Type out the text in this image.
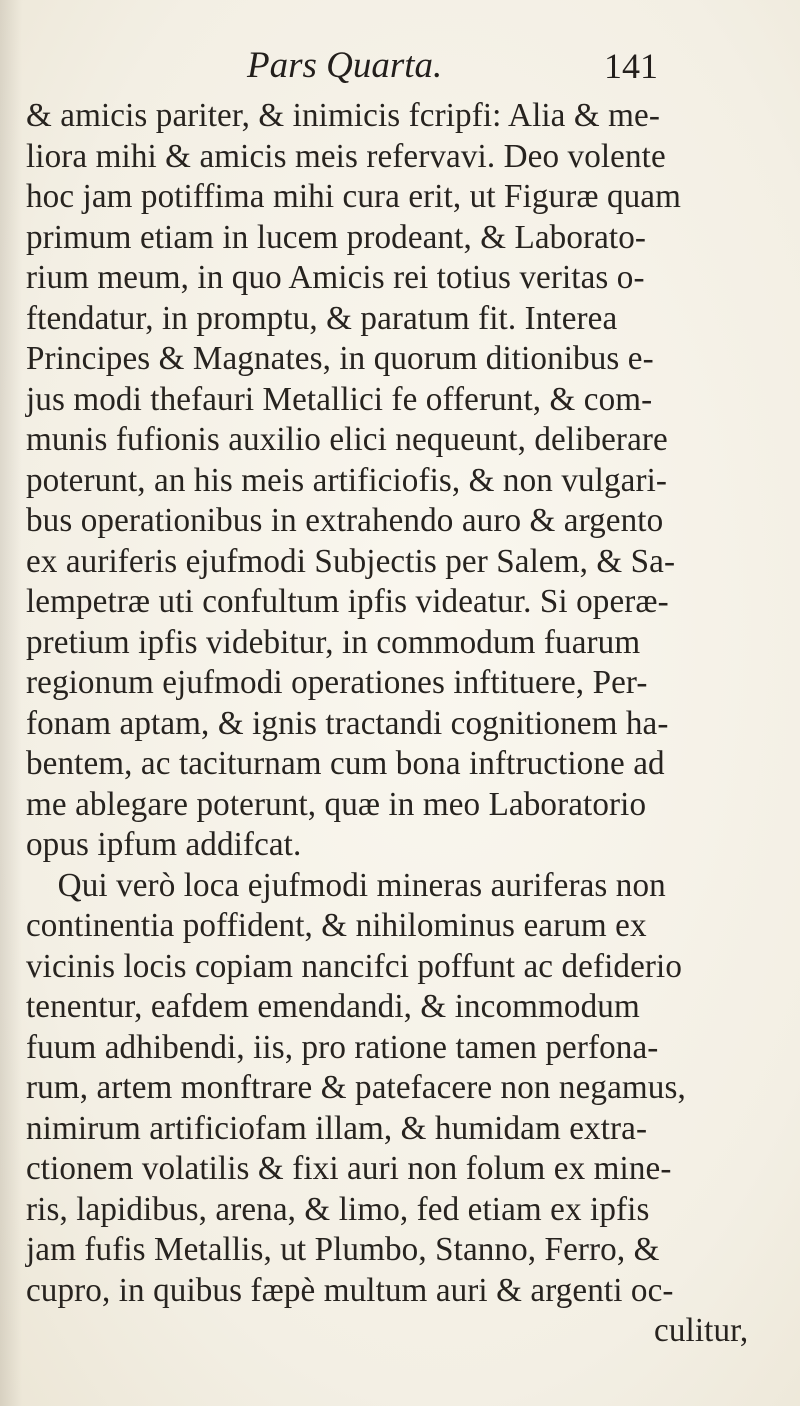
Pars Quarta.	141
& amicis pariter, & inimicis fcripfi: Alia & me-
liora mihi & amicis meis refervavi. Deo volente
hoc jam potiffima mihi cura erit, ut Figuræ quam
primum etiam in lucem prodeant, & Laborato-
rium meum, in quo Amicis rei totius veritas o-
ftendatur, in promptu, & paratum fit. Interea
Principes & Magnates, in quorum ditionibus e-
jus modi thefauri Metallici fe offerunt, & com-
munis fufionis auxilio elici nequeunt, deliberare
poterunt, an his meis artificiofis, & non vulgari-
bus operationibus in extrahendo auro & argento
ex auriferis ejufmodi Subjectis per Salem, & Sa-
lempetræ uti confultum ipfis videatur. Si operæ-
pretium ipfis videbitur, in commodum fuarum
regionum ejufmodi operationes inftituere, Per-
fonam aptam, & ignis tractandi cognitionem ha-
bentem, ac taciturnam cum bona inftructione ad
me ablegare poterunt, quæ in meo Laboratorio
opus ipfum addifcat.
Qui verò loca ejufmodi mineras auriferas non
continentia poffident, & nihilominus earum ex
vicinis locis copiam nancifci poffunt ac defiderio
tenentur, eafdem emendandi, & incommodum
fuum adhibendi, iis, pro ratione tamen perfona-
rum, artem monftrare & patefacere non negamus,
nimirum artificiofam illam, & humidam extra-
ctionem volatilis & fixi auri non folum ex mine-
ris, lapidibus, arena, & limo, fed etiam ex ipfis
jam fufis Metallis, ut Plumbo, Stanno, Ferro, &
cupro, in quibus fæpè multum auri & argenti oc-
culitur,
